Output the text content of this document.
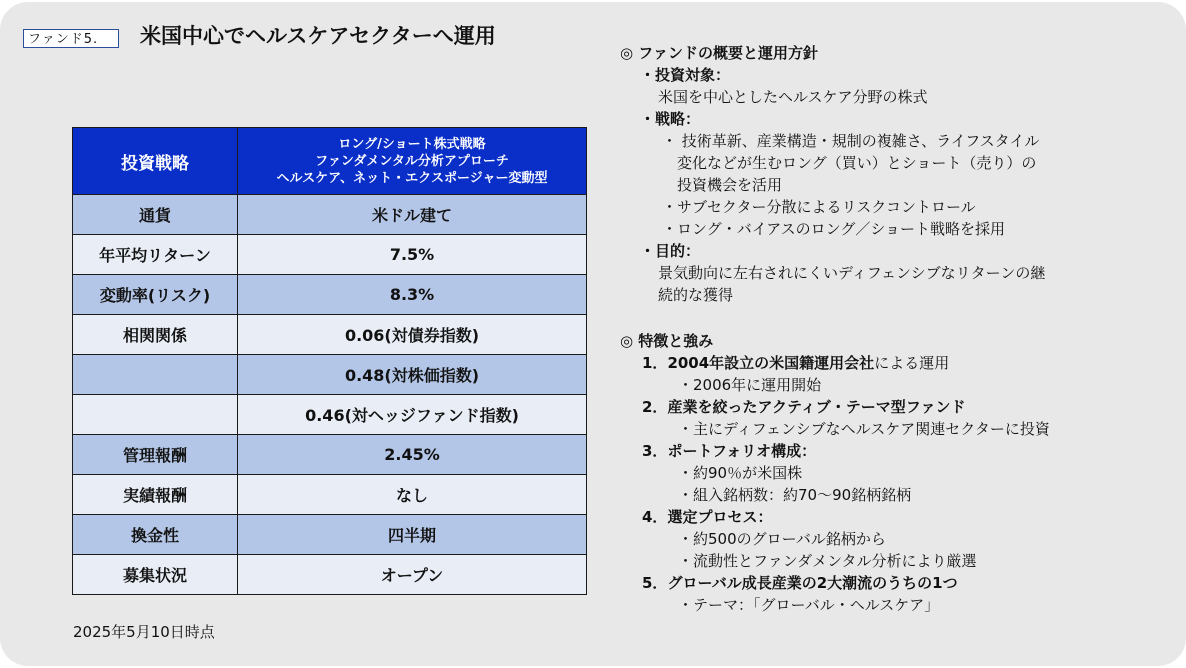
ファンド5.	米国中心でヘルスケアセクターへ運用
投資戦略	ロング/ショート株式戦略
ファンダメンタル分析アプローチ
ヘルスケア、ネット・エクスポージャー変動型

通貨	米ドル建て
年平均リターン	7.5%
変動率(リスク)	8.3%
相関関係	0.06(対債券指数)
	0.48(対株価指数)
	0.46(対ヘッジファンド指数)
管理報酬	2.45%
実績報酬	なし
換金性	四半期
募集状況	オープン
2025年5月10日時点
◎ ファンドの概要と運用方針
・投資対象：
米国を中心としたヘルスケア分野の株式
・戦略：
・ 技術革新、産業構造・規制の複雑さ、ライフスタイル
　変化などが生むロング（買い）とショート（売り）の
　投資機会を活用
・サブセクター分散によるリスクコントロール
・ロング・バイアスのロング／ショート戦略を採用
・目的：
景気動向に左右されにくいディフェンシブなリターンの継
続的な獲得
◎ 特徴と強み
1．2004年設立の米国籍運用会社による運用
・2006年に運用開始
2．産業を絞ったアクティブ・テーマ型ファンド
・主にディフェンシブなヘルスケア関連セクターに投資
3．ポートフォリオ構成：
・約90％が米国株
・組入銘柄数：約70～90銘柄銘柄
4．選定プロセス：
・約500のグローバル銘柄から
・流動性とファンダメンタル分析により厳選
5．グローバル成長産業の2大潮流のうちの1つ
・テーマ：「グローバル・ヘルスケア」
